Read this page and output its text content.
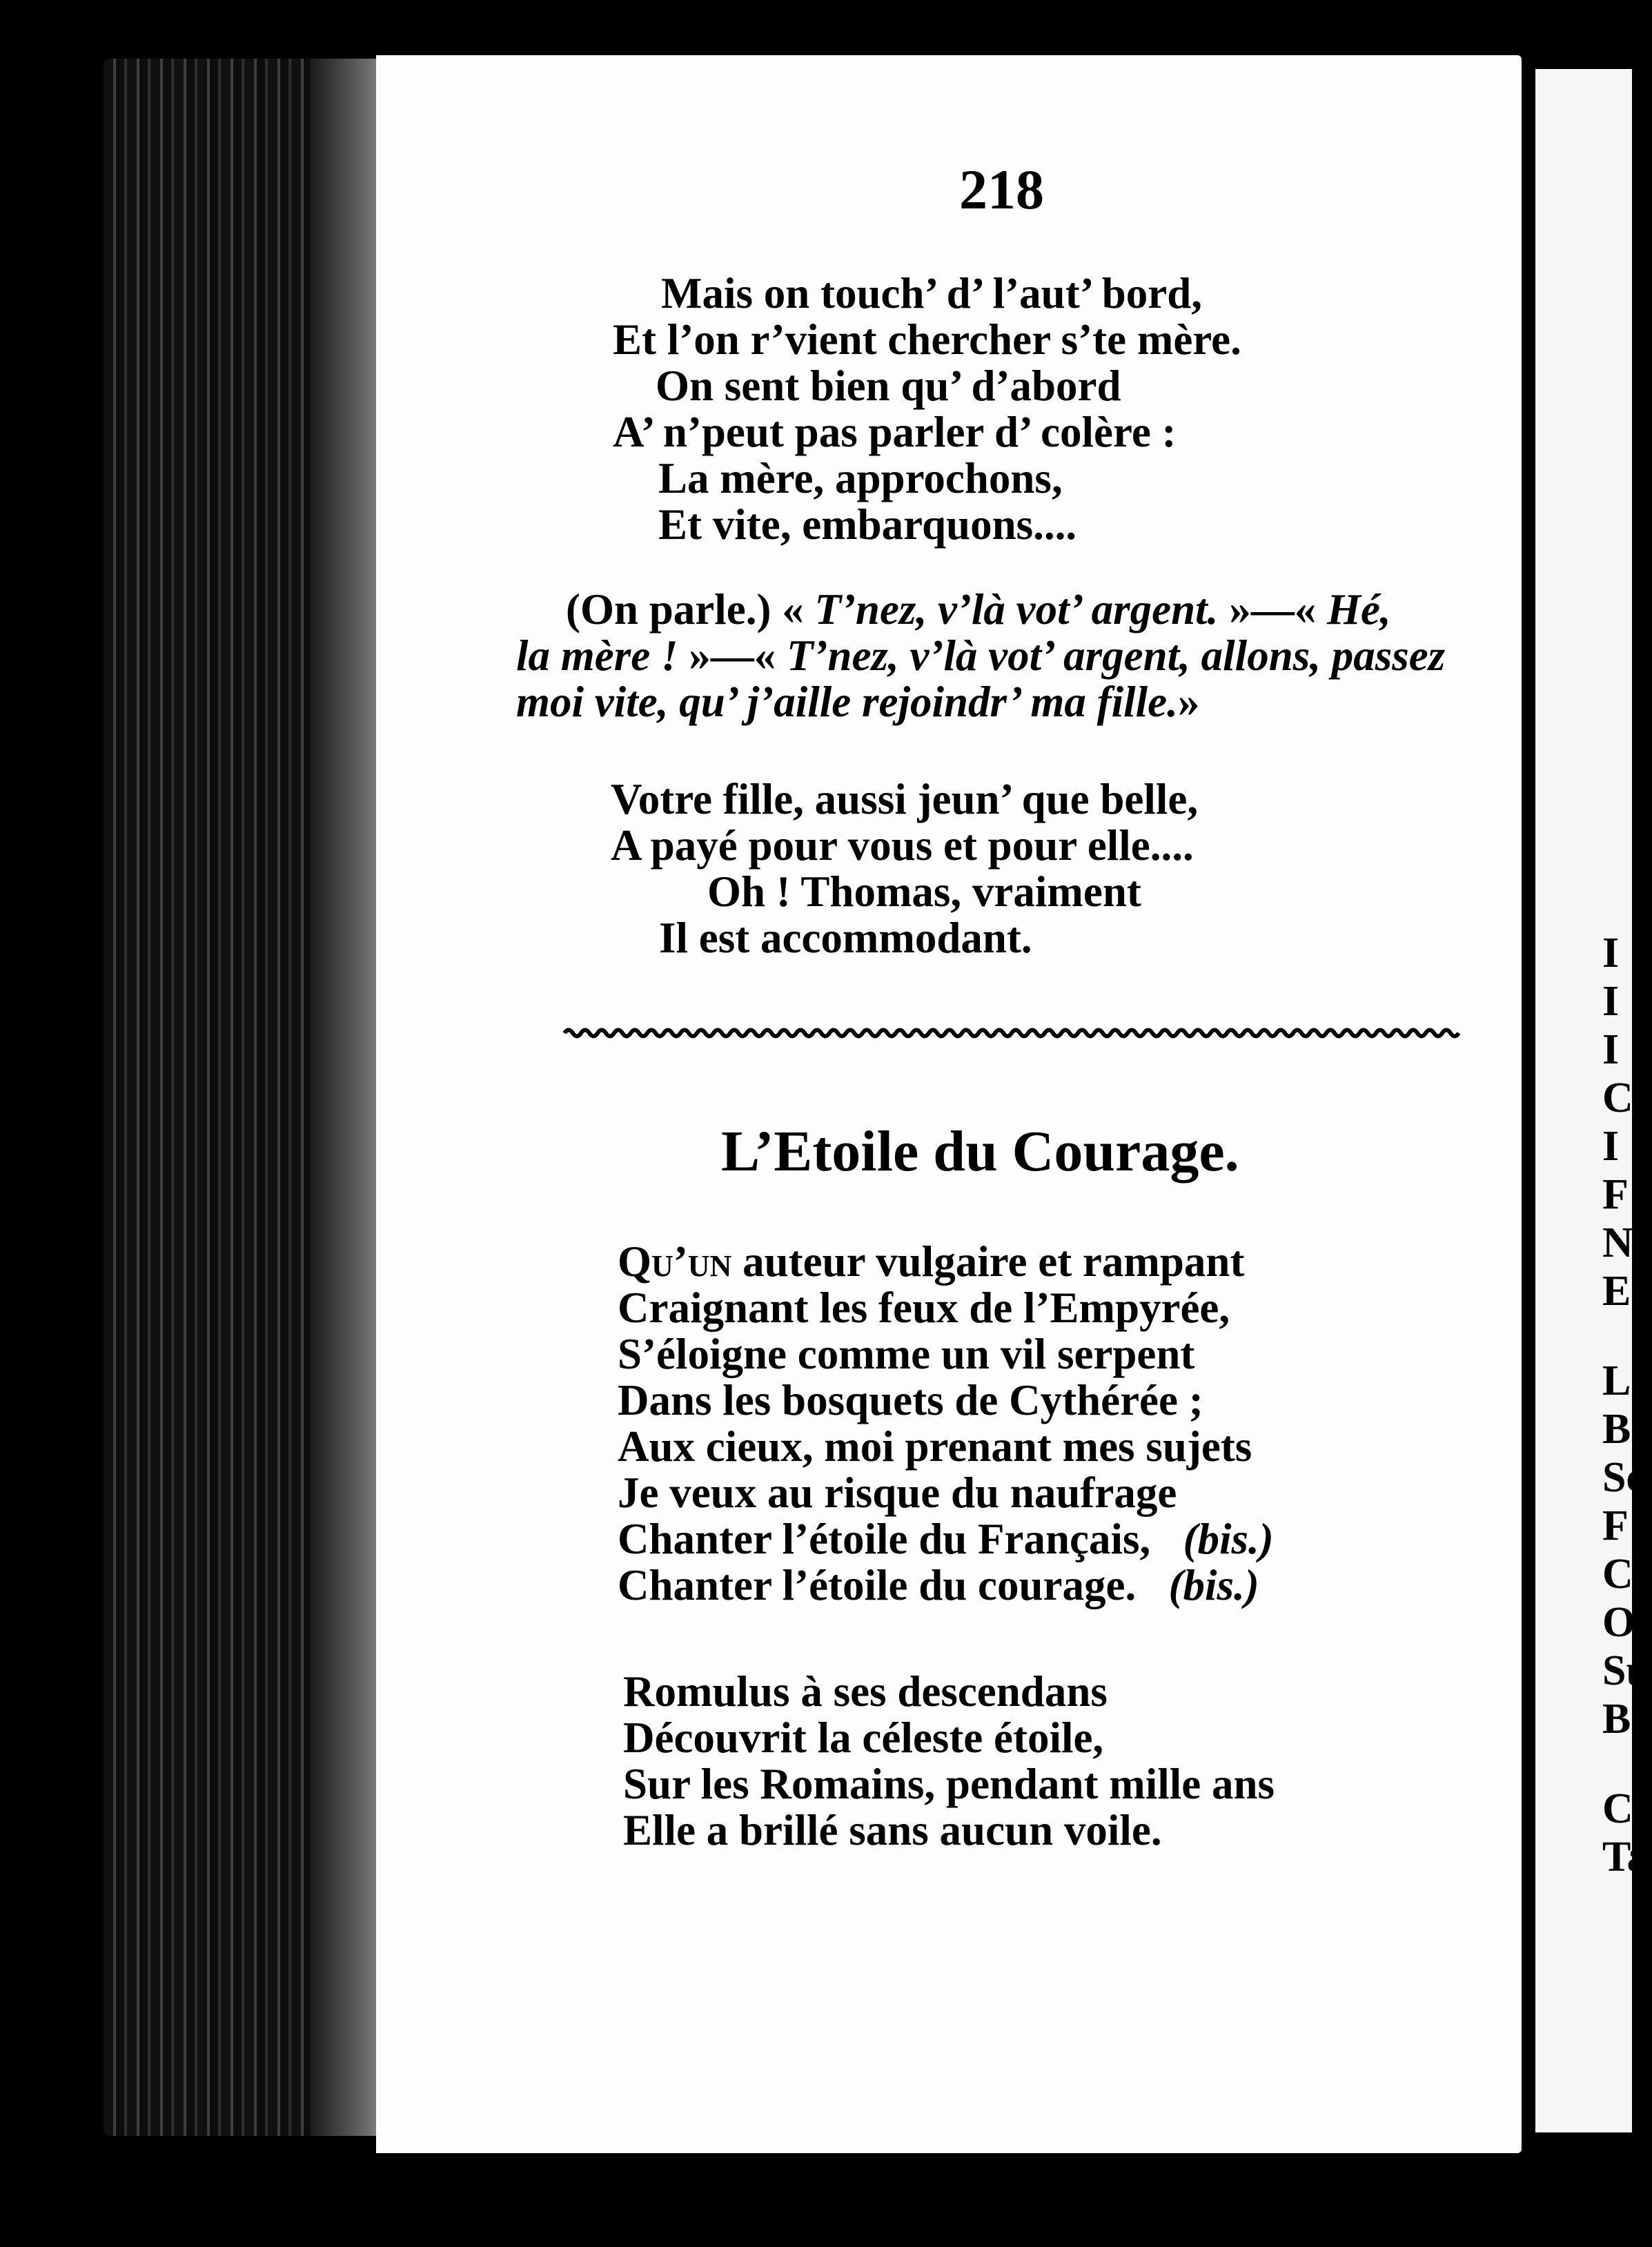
I
I
I
C
I
F
N
E
L
B
Sc
F
C
O
Su
Br
Ce
Ta
218
Mais on touch’ d’ l’aut’ bord,
Et l’on r’vient chercher s’te mère.
On sent bien qu’ d’abord
A’ n’peut pas parler d’ colère :
La mère, approchons,
Et vite, embarquons....
(On parle.) « T’nez, v’là vot’ argent. »—« Hé,
la mère ! »—« T’nez, v’là vot’ argent, allons, passez
moi vite, qu’ j’aille rejoindr’ ma fille.»
Votre fille, aussi jeun’ que belle,
A payé pour vous et pour elle....
Oh ! Thomas, vraiment
Il est accommodant.
L’Etoile du Courage.
Qu’un auteur vulgaire et rampant
Craignant les feux de l’Empyrée,
S’éloigne comme un vil serpent
Dans les bosquets de Cythérée ;
Aux cieux, moi prenant mes sujets
Je veux au risque du naufrage
Chanter l’étoile du Français, (bis.)
Chanter l’étoile du courage. (bis.)
Romulus à ses descendans
Découvrit la céleste étoile,
Sur les Romains, pendant mille ans
Elle a brillé sans aucun voile.
